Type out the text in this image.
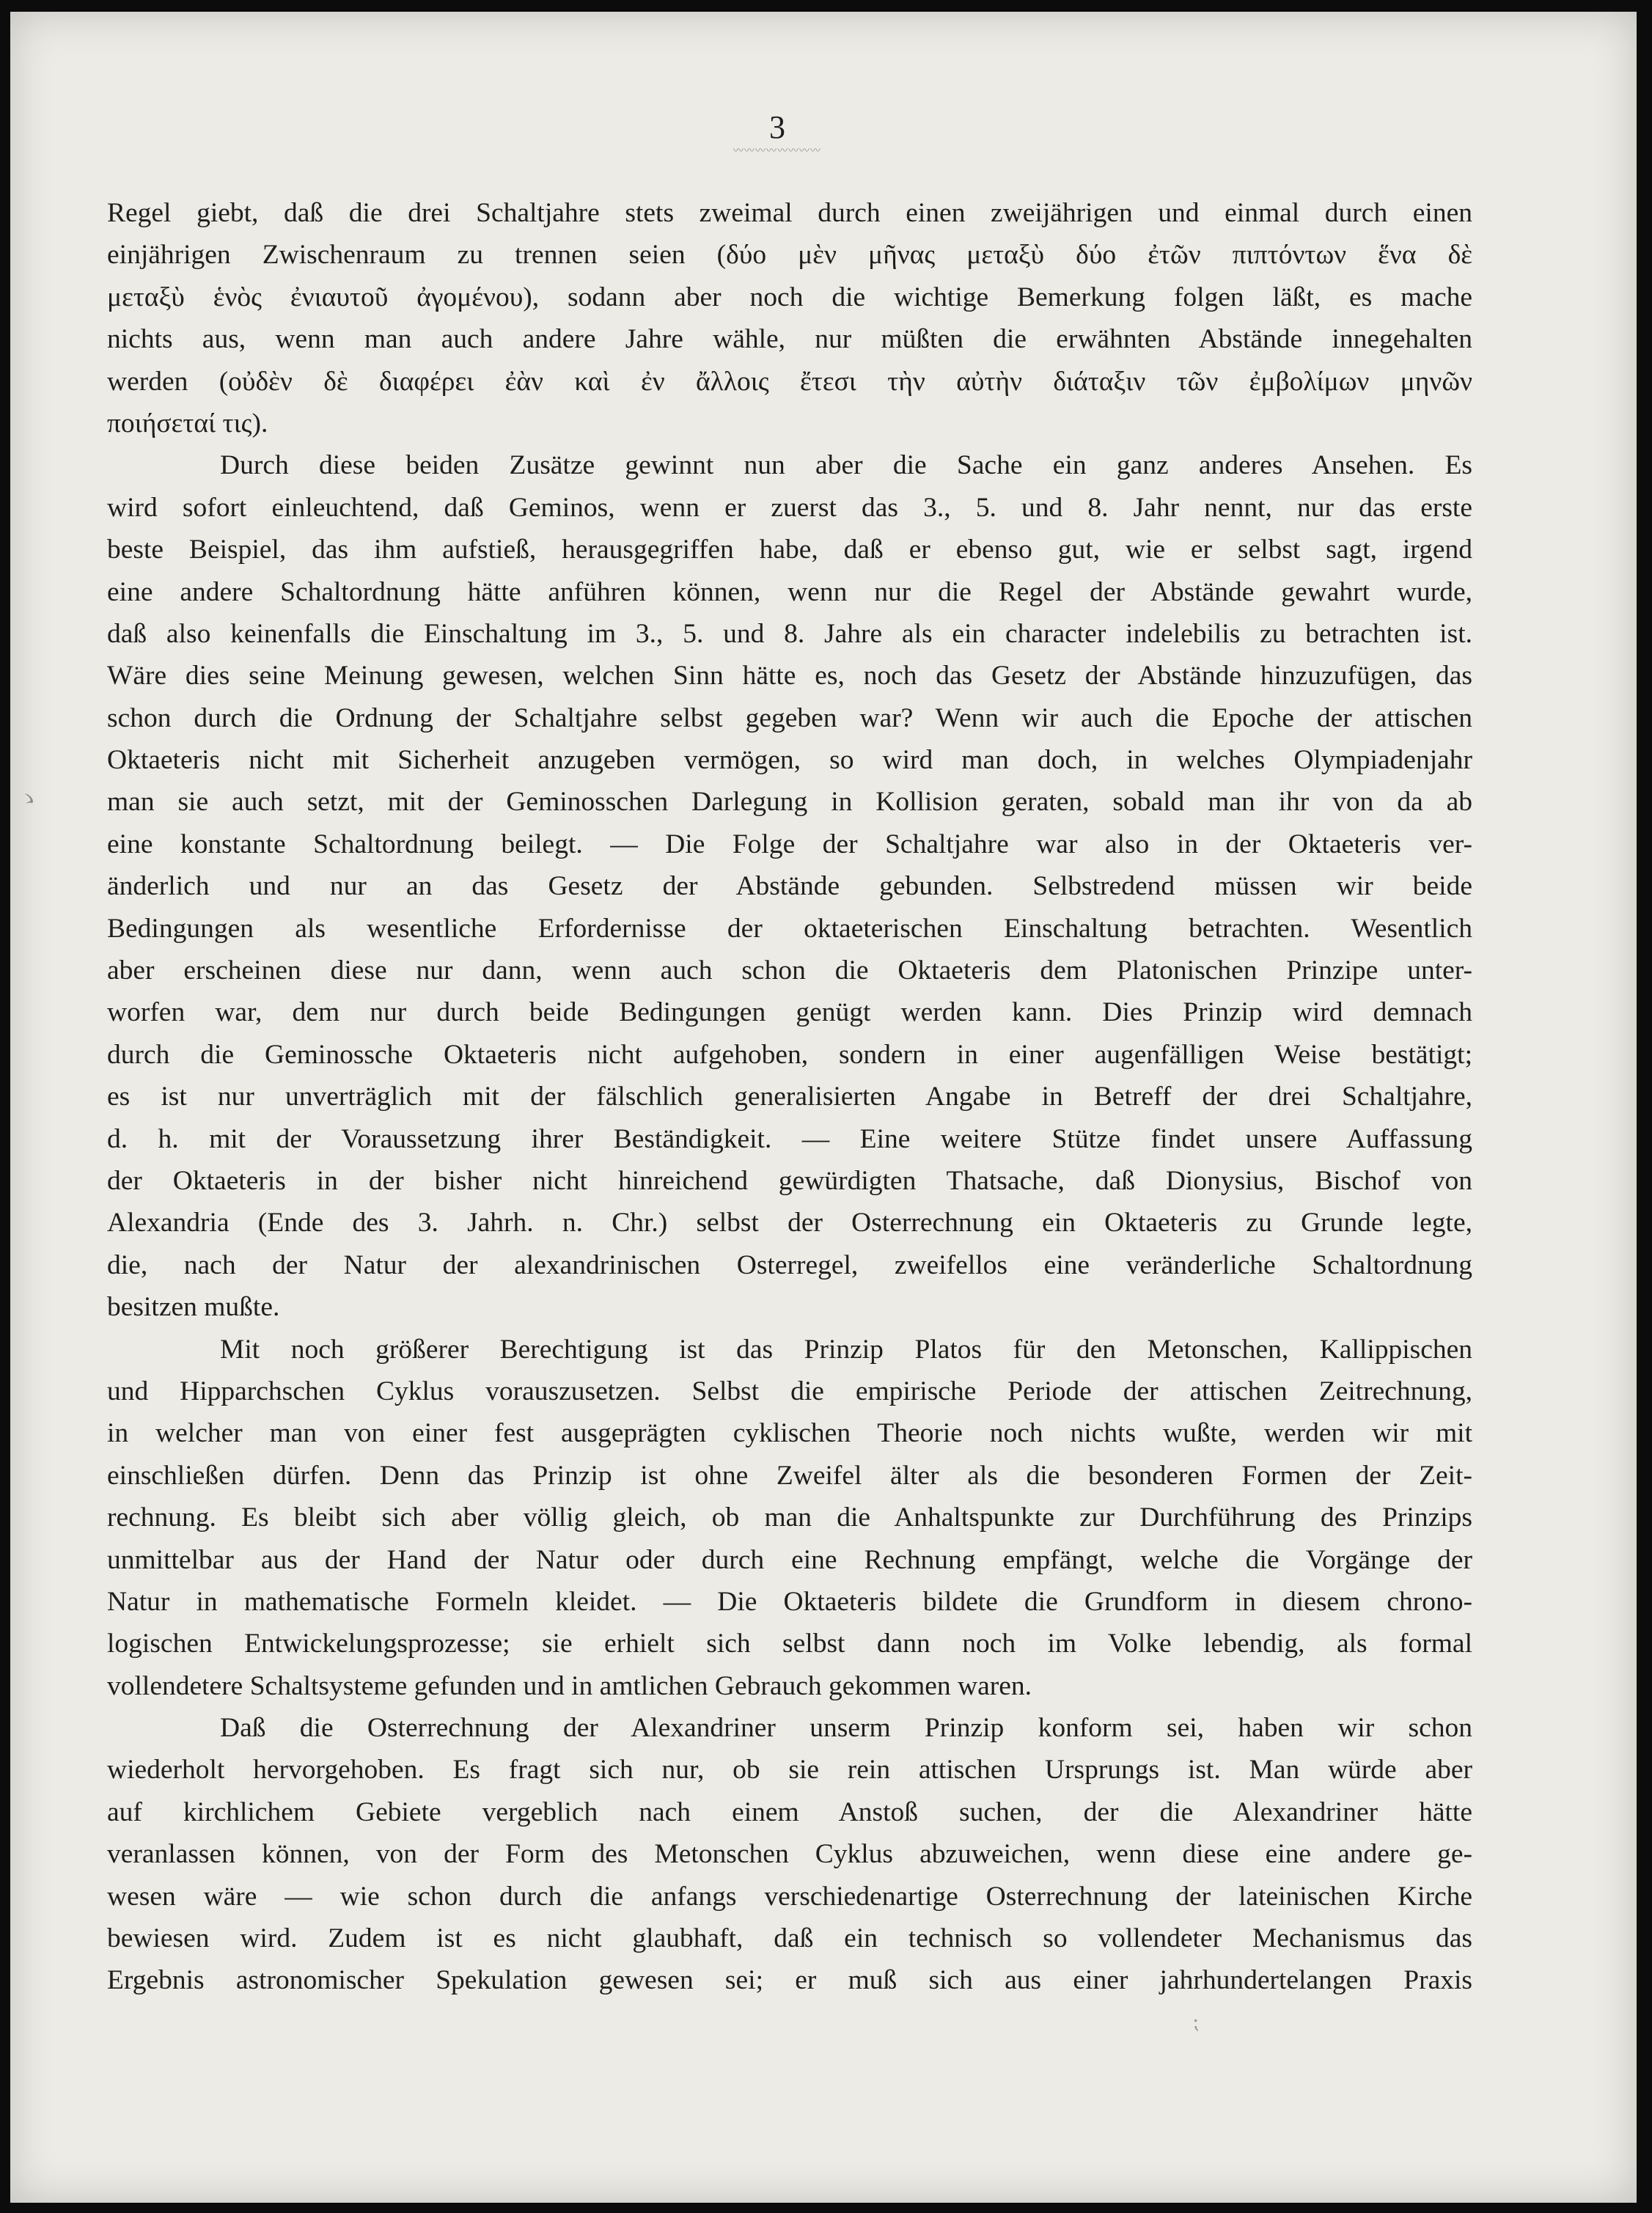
3
〰〰〰〰〰〰〰〰
ゝ
⁏
Regel giebt, daß die drei Schaltjahre stets zweimal durch einen zweijährigen und einmal durch einen
einjährigen Zwischenraum zu trennen seien (δύο μὲν μῆνας μεταξὺ δύο ἐτῶν πιπτόντων ἕνα δὲ
μεταξὺ ἑνὸς ἐνιαυτοῦ ἀγομένου), sodann aber noch die wichtige Bemerkung folgen läßt, es mache
nichts aus, wenn man auch andere Jahre wähle, nur müßten die erwähnten Abstände innegehalten
werden (οὐδὲν δὲ διαφέρει ἐὰν καὶ ἐν ἄλλοις ἔτεσι τὴν αὐτὴν διάταξιν τῶν ἐμβολίμων μηνῶν
ποιήσεταί τις).
Durch diese beiden Zusätze gewinnt nun aber die Sache ein ganz anderes Ansehen. Es
wird sofort einleuchtend, daß Geminos, wenn er zuerst das 3., 5. und 8. Jahr nennt, nur das erste
beste Beispiel, das ihm aufstieß, herausgegriffen habe, daß er ebenso gut, wie er selbst sagt, irgend
eine andere Schaltordnung hätte anführen können, wenn nur die Regel der Abstände gewahrt wurde,
daß also keinenfalls die Einschaltung im 3., 5. und 8. Jahre als ein character indelebilis zu betrachten ist.
Wäre dies seine Meinung gewesen, welchen Sinn hätte es, noch das Gesetz der Abstände hinzuzufügen, das
schon durch die Ordnung der Schaltjahre selbst gegeben war? Wenn wir auch die Epoche der attischen
Oktaeteris nicht mit Sicherheit anzugeben vermögen, so wird man doch, in welches Olympiadenjahr
man sie auch setzt, mit der Geminosschen Darlegung in Kollision geraten, sobald man ihr von da ab
eine konstante Schaltordnung beilegt. — Die Folge der Schaltjahre war also in der Oktaeteris ver-
änderlich und nur an das Gesetz der Abstände gebunden. Selbstredend müssen wir beide
Bedingungen als wesentliche Erfordernisse der oktaeterischen Einschaltung betrachten. Wesentlich
aber erscheinen diese nur dann, wenn auch schon die Oktaeteris dem Platonischen Prinzipe unter-
worfen war, dem nur durch beide Bedingungen genügt werden kann. Dies Prinzip wird demnach
durch die Geminossche Oktaeteris nicht aufgehoben, sondern in einer augenfälligen Weise bestätigt;
es ist nur unverträglich mit der fälschlich generalisierten Angabe in Betreff der drei Schaltjahre,
d. h. mit der Voraussetzung ihrer Beständigkeit. — Eine weitere Stütze findet unsere Auffassung
der Oktaeteris in der bisher nicht hinreichend gewürdigten Thatsache, daß Dionysius, Bischof von
Alexandria (Ende des 3. Jahrh. n. Chr.) selbst der Osterrechnung ein Oktaeteris zu Grunde legte,
die, nach der Natur der alexandrinischen Osterregel, zweifellos eine veränderliche Schaltordnung
besitzen mußte.
Mit noch größerer Berechtigung ist das Prinzip Platos für den Metonschen, Kallippischen
und Hipparchschen Cyklus vorauszusetzen. Selbst die empirische Periode der attischen Zeitrechnung,
in welcher man von einer fest ausgeprägten cyklischen Theorie noch nichts wußte, werden wir mit
einschließen dürfen. Denn das Prinzip ist ohne Zweifel älter als die besonderen Formen der Zeit-
rechnung. Es bleibt sich aber völlig gleich, ob man die Anhaltspunkte zur Durchführung des Prinzips
unmittelbar aus der Hand der Natur oder durch eine Rechnung empfängt, welche die Vorgänge der
Natur in mathematische Formeln kleidet. — Die Oktaeteris bildete die Grundform in diesem chrono-
logischen Entwickelungsprozesse; sie erhielt sich selbst dann noch im Volke lebendig, als formal
vollendetere Schaltsysteme gefunden und in amtlichen Gebrauch gekommen waren.
Daß die Osterrechnung der Alexandriner unserm Prinzip konform sei, haben wir schon
wiederholt hervorgehoben. Es fragt sich nur, ob sie rein attischen Ursprungs ist. Man würde aber
auf kirchlichem Gebiete vergeblich nach einem Anstoß suchen, der die Alexandriner hätte
veranlassen können, von der Form des Metonschen Cyklus abzuweichen, wenn diese eine andere ge-
wesen wäre — wie schon durch die anfangs verschiedenartige Osterrechnung der lateinischen Kirche
bewiesen wird. Zudem ist es nicht glaubhaft, daß ein technisch so vollendeter Mechanismus das
Ergebnis astronomischer Spekulation gewesen sei; er muß sich aus einer jahrhundertelangen Praxis
